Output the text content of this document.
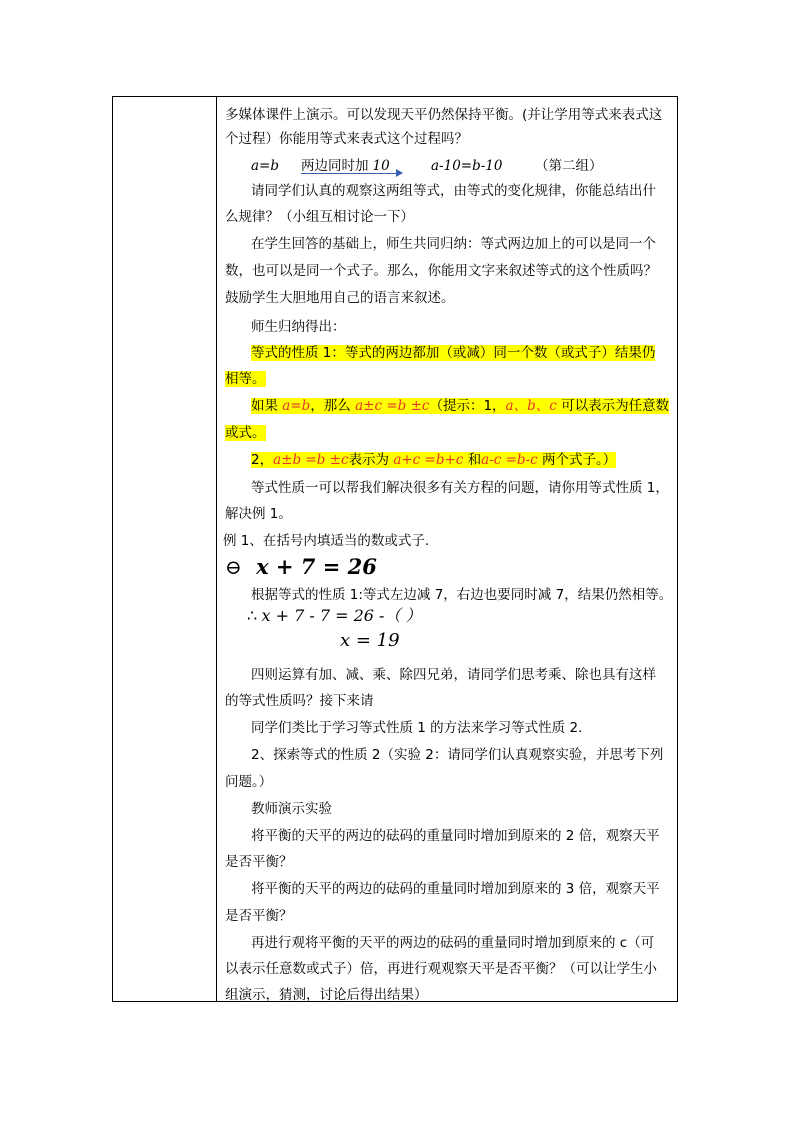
多媒体课件上演示。可以发现天平仍然保持平衡。(并让学用等式来表式这
个过程）你能用等式来表式这个过程吗？
a=b 两边同时加 10	a-10=b-10 （第二组）
请同学们认真的观察这两组等式，由等式的变化规律，你能总结出什
么规律？（小组互相讨论一下）
在学生回答的基础上，师生共同归纳：等式两边加上的可以是同一个
数，也可以是同一个式子。那么，你能用文字来叙述等式的这个性质吗？
鼓励学生大胆地用自己的语言来叙述。
师生归纳得出：
等式的性质 1：等式的两边都加（或减）同一个数（或式子）结果仍
相等。
如果 a=b，那么 a±c =b ±c（提示：1，a、b、c 可以表示为任意数
或式。
2，a±b =b ±c表示为 a+c =b+c 和a-c =b-c 两个式子。）
等式性质一可以帮我们解决很多有关方程的问题，请你用等式性质 1，
解决例 1。
例 1、在括号内填适当的数或式子.
⊖ x + 7 = 26
根据等式的性质 1:等式左边减 7，右边也要同时减 7，结果仍然相等。
∴ x + 7 - 7 = 26 -（ ）
x = 19
四则运算有加、减、乘、除四兄弟，请同学们思考乘、除也具有这样
的等式性质吗？接下来请
同学们类比于学习等式性质 1 的方法来学习等式性质 2.
2、探索等式的性质 2（实验 2：请同学们认真观察实验，并思考下列
问题。）
教师演示实验
将平衡的天平的两边的砝码的重量同时增加到原来的 2 倍，观察天平
是否平衡？
将平衡的天平的两边的砝码的重量同时增加到原来的 3 倍，观察天平
是否平衡？
再进行观将平衡的天平的两边的砝码的重量同时增加到原来的 c（可
以表示任意数或式子）倍，再进行观观察天平是否平衡？（可以让学生小
组演示，猜测，讨论后得出结果）
